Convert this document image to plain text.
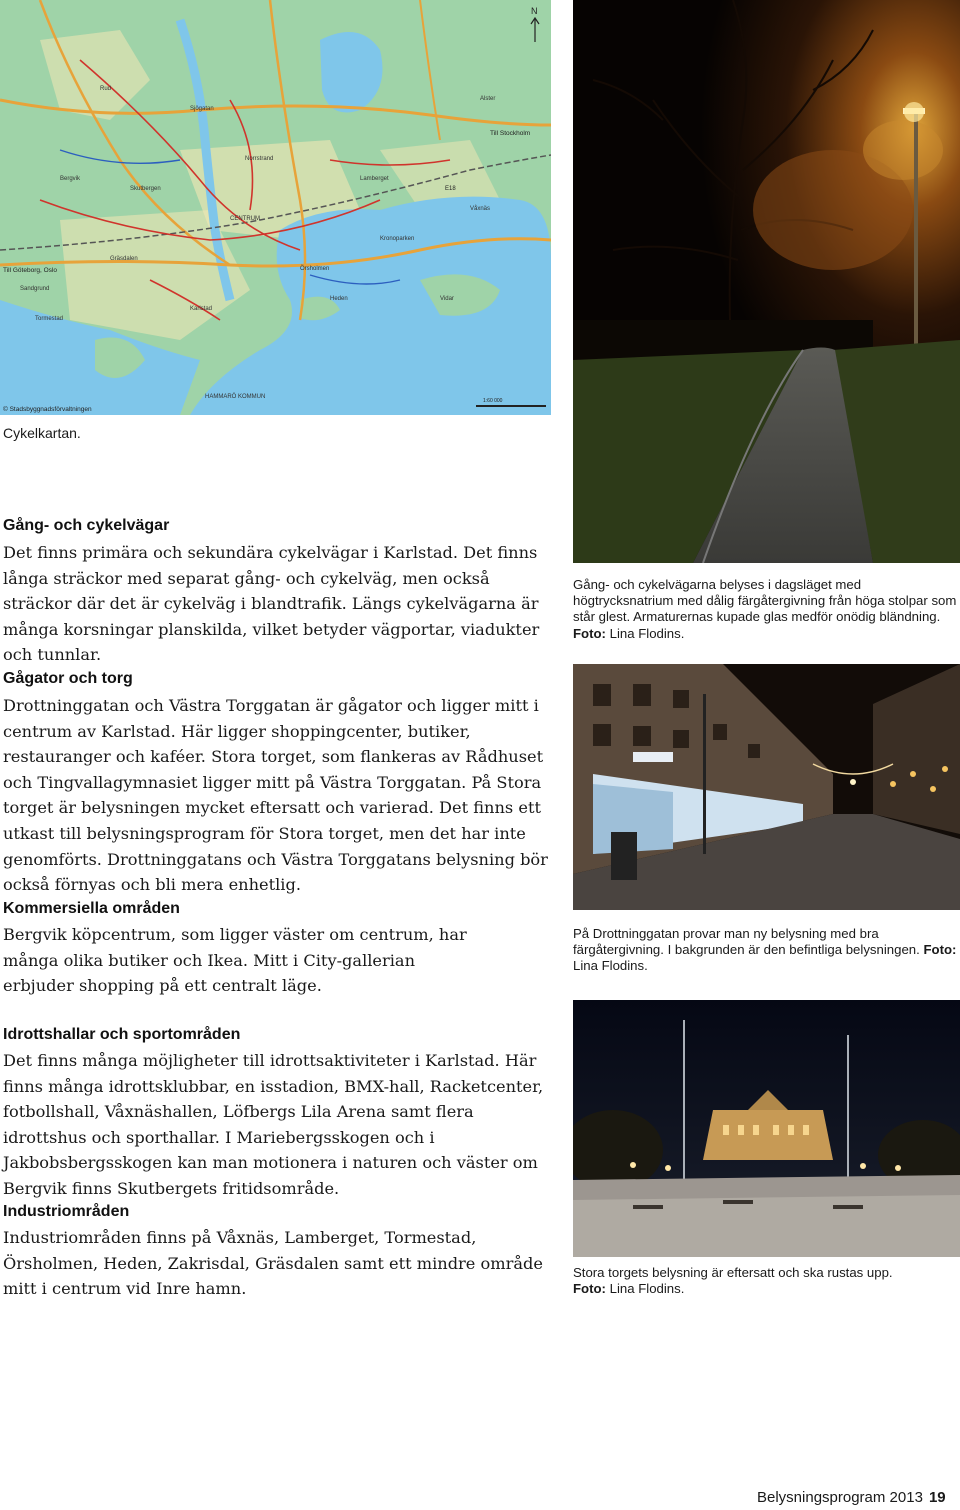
Skutbergen
HAMMARÖ KOMMUN
CENTRUM
Karlstad
Sandgrund
Lamberget
Vidar
Norrstrand
Tormestad
Gräsdalen
Örsholmen
Våxnäs
Heden
Bergvik
Kronoparken
Alster
Rud
Sjögatan
Till Göteborg, Oslo
Till Stockholm
E18
N
1:60 000
© Stadsbyggnadsförvaltningen
Cykelkartan.
Gång- och cykelvägar

Det finns primära och sekundära cykelvägar i Karlstad. Det finns långa sträckor med separat gång- och cykelväg, men också sträckor där det är cykelväg i blandtrafik. Längs cykelvägarna är många korsningar planskilda, vilket betyder vägportar, viadukter och tunnlar.

Gågator och torg

Drottninggatan och Västra Torggatan är gågator och ligger mitt i centrum av Karlstad. Här ligger shoppingcenter, butiker, restauranger och kaféer. Stora torget, som flankeras av Rådhuset och Tingvallagymnasiet ligger mitt på Västra Torggatan. På Stora torget är belysningen mycket eftersatt och varierad. Det finns ett utkast till belysningsprogram för Stora torget, men det har inte genomförts. Drottninggatans och Västra Torggatans belysning bör också förnyas och bli mera enhetlig.

Kommersiella områden

Bergvik köpcentrum, som ligger väster om centrum, har många olika butiker och Ikea. Mitt i City-gallerian erbjuder shopping på ett centralt läge.

Idrottshallar och sportområden

Det finns många möjligheter till idrottsaktiviteter i Karlstad. Här finns många idrottsklubbar, en isstadion, BMX-hall, Racketcenter, fotbollshall, Våxnäshallen, Löfbergs Lila Arena samt flera idrottshus och sporthallar. I Mariebergsskogen och i Jakbobsbergsskogen kan man motionera i naturen och väster om Bergvik finns Skutbergets fritidsområde.

Industriområden

Industriområden finns på Våxnäs, Lamberget, Tormestad, Örsholmen, Heden, Zakrisdal, Gräsdalen samt ett mindre område mitt i centrum vid Inre hamn.

Gång- och cykelvägarna belyses i dagsläget med högtrycksnatrium med dålig färgåtergivning från höga stolpar som står glest. Armaturernas kupade glas medför onödig bländning. Foto: Lina Flodins.

På Drottninggatan provar man ny belysning med bra färgåtergivning. I bakgrunden är den befintliga belysningen. Foto: Lina Flodins.

Stora torgets belysning är eftersatt och ska rustas upp.
Foto: Lina Flodins.

Belysningsprogram 2013 19
